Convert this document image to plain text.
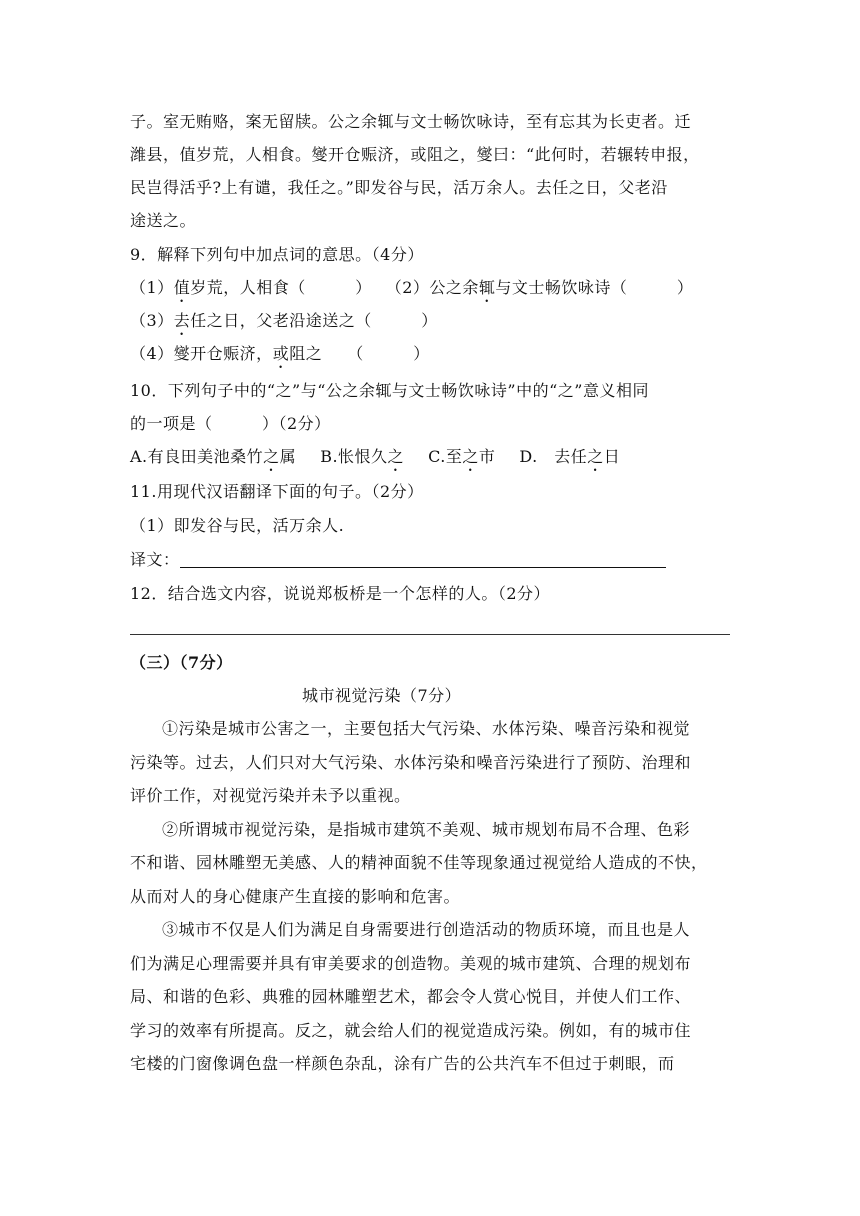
子。室无贿赂，案无留牍。公之余辄与文士畅饮咏诗，至有忘其为长吏者。迁
潍县，值岁荒，人相食。燮开仓赈济，或阻之，燮曰：“此何时，若辗转申报，
民岂得活乎?上有谴，我任之。”即发谷与民，活万余人。去任之日，父老沿
途送之。
9．解释下列句中加点词的意思。（4分）
（1）值岁荒，人相食（　　　） （2）公之余辄与文士畅饮咏诗（　　　）
（3）去任之日，父老沿途送之（　　　）
（4）燮开仓赈济，或阻之　　（　　　）
10．下列句子中的“之”与“公之余辄与文士畅饮咏诗”中的“之”意义相同
的一项是（　　　）（2分）
A.有良田美池桑竹之属 B.怅恨久之 C.至之市 D.　去任之日
11.用现代汉语翻译下面的句子。（2分）
（1）即发谷与民，活万余人.
译文：
12．结合选文内容，说说郑板桥是一个怎样的人。（2分）
（三）（7分）
城市视觉污染（7分）
①污染是城市公害之一，主要包括大气污染、水体污染、噪音污染和视觉
污染等。过去，人们只对大气污染、水体污染和噪音污染进行了预防、治理和
评价工作，对视觉污染并未予以重视。
②所谓城市视觉污染，是指城市建筑不美观、城市规划布局不合理、色彩
不和谐、园林雕塑无美感、人的精神面貌不佳等现象通过视觉给人造成的不快，
从而对人的身心健康产生直接的影响和危害。
③城市不仅是人们为满足自身需要进行创造活动的物质环境，而且也是人
们为满足心理需要并具有审美要求的创造物。美观的城市建筑、合理的规划布
局、和谐的色彩、典雅的园林雕塑艺术，都会令人赏心悦目，并使人们工作、
学习的效率有所提高。反之，就会给人们的视觉造成污染。例如，有的城市住
宅楼的门窗像调色盘一样颜色杂乱，涂有广告的公共汽车不但过于刺眼，而
